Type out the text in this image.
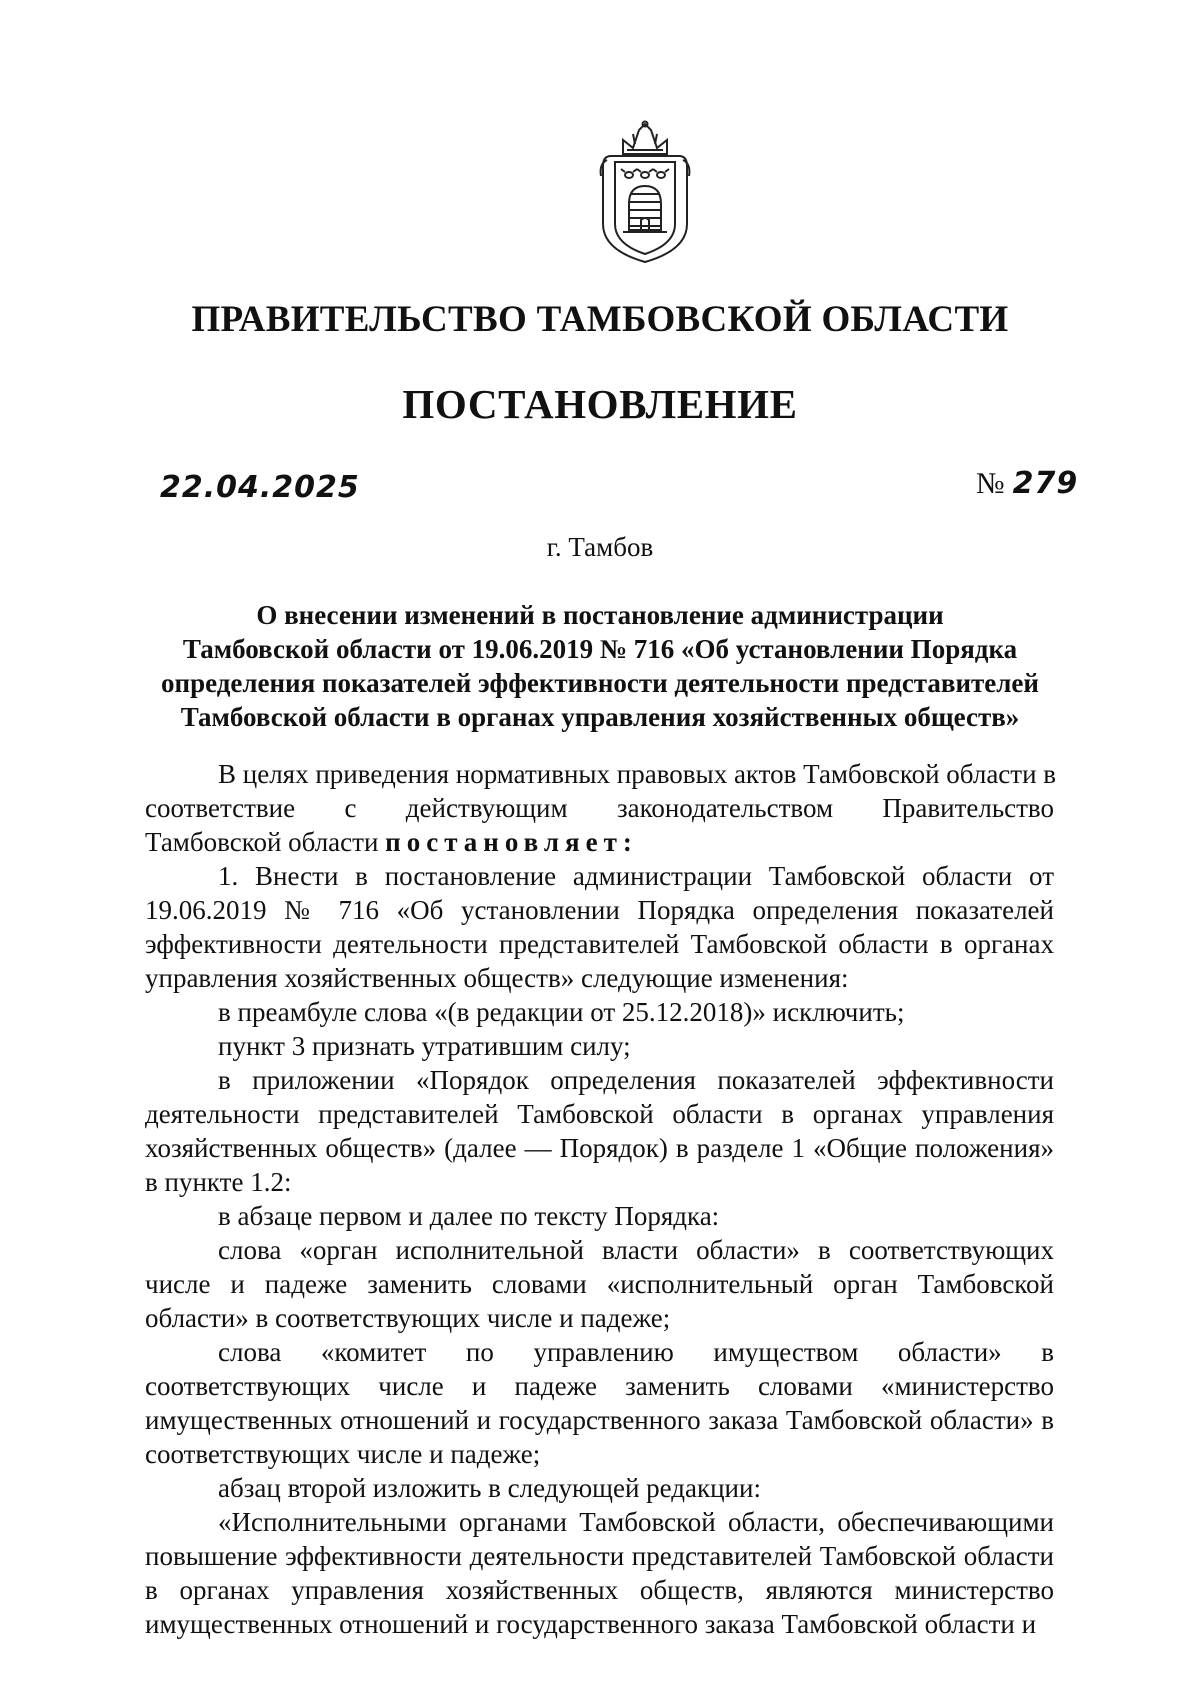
ПРАВИТЕЛЬСТВО ТАМБОВСКОЙ ОБЛАСТИ
ПОСТАНОВЛЕНИЕ
22.04.2025	№ 279
г. Тамбов
О внесении изменений в постановление администрации
Тамбовской области от 19.06.2019 № 716 «Об установлении Порядка
определения показателей эффективности деятельности представителей
Тамбовской области в органах управления хозяйственных обществ»
В целях приведения нормативных правовых актов Тамбовской области в
соответствие с действующим законодательством Правительство
Тамбовской области постановляет:
1. Внести в постановление администрации Тамбовской области от 19.06.2019 № 716 «Об установлении Порядка определения показателей эффективности деятельности представителей Тамбовской области в органах управления хозяйственных обществ» следующие изменения:
в преамбуле слова «(в редакции от 25.12.2018)» исключить;
пункт 3 признать утратившим силу;
в приложении «Порядок определения показателей эффективности деятельности представителей Тамбовской области в органах управления хозяйственных обществ» (далее — Порядок) в разделе 1 «Общие положения» в пункте 1.2:
в абзаце первом и далее по тексту Порядка:
слова «орган исполнительной власти области» в соответствующих числе и падеже заменить словами «исполнительный орган Тамбовской области» в соответствующих числе и падеже;
слова «комитет по управлению имуществом области» в соответствующих числе и падеже заменить словами «министерство имущественных отношений и государственного заказа Тамбовской области» в соответствующих числе и падеже;
абзац второй изложить в следующей редакции:
«Исполнительными органами Тамбовской области, обеспечивающими повышение эффективности деятельности представителей Тамбовской области в органах управления хозяйственных обществ, являются министерство имущественных отношений и государственного заказа Тамбовской области и
